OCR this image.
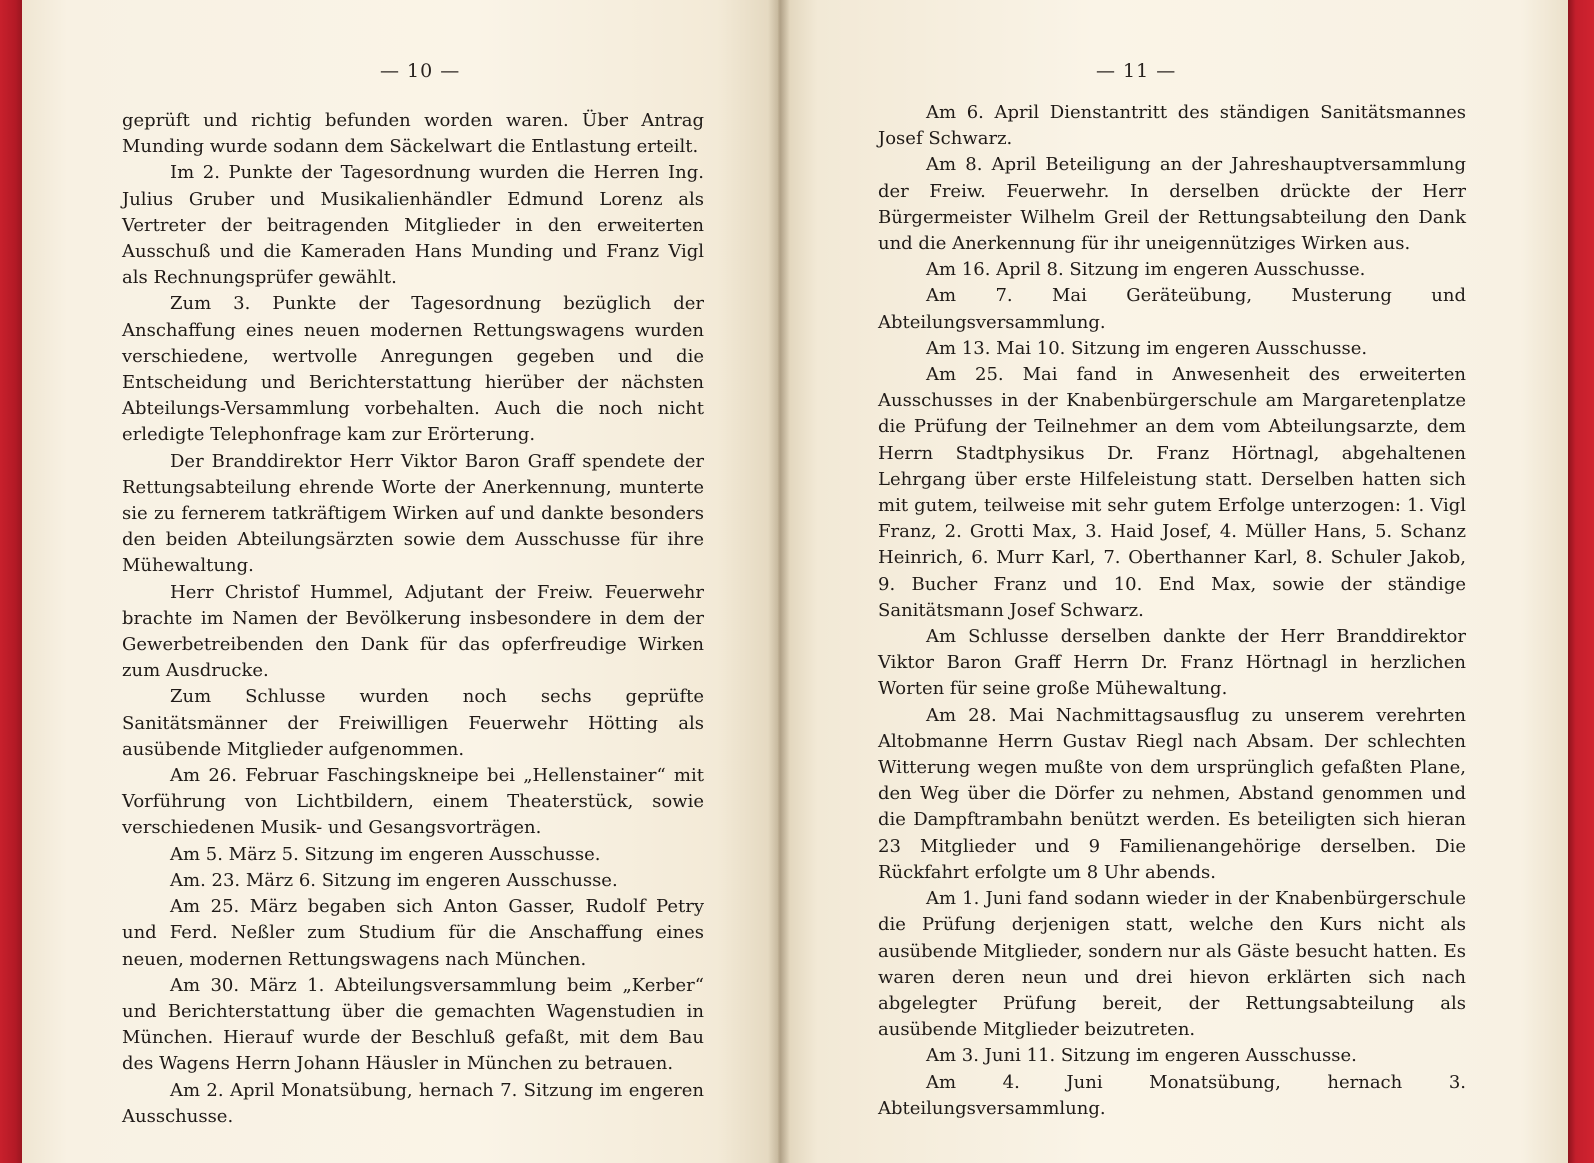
— 10 —

geprüft und richtig befunden worden waren. Über Antrag Munding wurde sodann dem Säckelwart die Entlastung erteilt.

Im 2. Punkte der Tagesordnung wurden die Herren Ing. Julius Gruber und Musikalienhändler Edmund Lorenz als Vertreter der beitragenden Mitglieder in den erweiterten Ausschuß und die Kameraden Hans Munding und Franz Vigl als Rechnungsprüfer gewählt.

Zum 3. Punkte der Tagesordnung bezüglich der Anschaffung eines neuen modernen Rettungswagens wurden verschiedene, wertvolle Anregungen gegeben und die Entscheidung und Berichterstattung hierüber der nächsten Abteilungs-Versammlung vorbehalten. Auch die noch nicht erledigte Telephonfrage kam zur Erörterung.

Der Branddirektor Herr Viktor Baron Graff spendete der Rettungsabteilung ehrende Worte der Anerkennung, munterte sie zu fernerem tatkräftigem Wirken auf und dankte besonders den beiden Abteilungsärzten sowie dem Ausschusse für ihre Mühewaltung.

Herr Christof Hummel, Adjutant der Freiw. Feuerwehr brachte im Namen der Bevölkerung insbesondere in dem der Gewerbetreibenden den Dank für das opferfreudige Wirken zum Ausdrucke.

Zum Schlusse wurden noch sechs geprüfte Sanitätsmänner der Freiwilligen Feuerwehr Hötting als ausübende Mitglieder aufgenommen.

Am 26. Februar Faschingskneipe bei „Hellenstainer“ mit Vorführung von Lichtbildern, einem Theaterstück, sowie verschiedenen Musik- und Gesangsvorträgen.

Am 5. März 5. Sitzung im engeren Ausschusse.

Am. 23. März 6. Sitzung im engeren Ausschusse.

Am 25. März begaben sich Anton Gasser, Rudolf Petry und Ferd. Neßler zum Studium für die Anschaffung eines neuen, modernen Rettungswagens nach München.

Am 30. März 1. Abteilungsversammlung beim „Kerber“ und Berichterstattung über die gemachten Wagenstudien in München. Hierauf wurde der Beschluß gefaßt, mit dem Bau des Wagens Herrn Johann Häusler in München zu betrauen.

Am 2. April Monatsübung, hernach 7. Sitzung im engeren Ausschusse.

— 11 —

Am 6. April Dienstantritt des ständigen Sanitätsmannes Josef Schwarz.

Am 8. April Beteiligung an der Jahreshauptversammlung der Freiw. Feuerwehr. In derselben drückte der Herr Bürgermeister Wilhelm Greil der Rettungsabteilung den Dank und die Anerkennung für ihr uneigennütziges Wirken aus.

Am 16. April 8. Sitzung im engeren Ausschusse.

Am 7. Mai Geräteübung, Musterung und Abteilungsversammlung.

Am 13. Mai 10. Sitzung im engeren Ausschusse.

Am 25. Mai fand in Anwesenheit des erweiterten Ausschusses in der Knabenbürgerschule am Margaretenplatze die Prüfung der Teilnehmer an dem vom Abteilungsarzte, dem Herrn Stadtphysikus Dr. Franz Hörtnagl, abgehaltenen Lehrgang über erste Hilfeleistung statt. Derselben hatten sich mit gutem, teilweise mit sehr gutem Erfolge unterzogen: 1. Vigl Franz, 2. Grotti Max, 3. Haid Josef, 4. Müller Hans, 5. Schanz Heinrich, 6. Murr Karl, 7. Oberthanner Karl, 8. Schuler Jakob, 9. Bucher Franz und 10. End Max, sowie der ständige Sanitätsmann Josef Schwarz.

Am Schlusse derselben dankte der Herr Branddirektor Viktor Baron Graff Herrn Dr. Franz Hörtnagl in herzlichen Worten für seine große Mühewaltung.

Am 28. Mai Nachmittagsausflug zu unserem verehrten Altobmanne Herrn Gustav Riegl nach Absam. Der schlechten Witterung wegen mußte von dem ursprünglich gefaßten Plane, den Weg über die Dörfer zu nehmen, Abstand genommen und die Dampftrambahn benützt werden. Es beteiligten sich hieran 23 Mitglieder und 9 Familienangehörige derselben. Die Rückfahrt erfolgte um 8 Uhr abends.

Am 1. Juni fand sodann wieder in der Knabenbürgerschule die Prüfung derjenigen statt, welche den Kurs nicht als ausübende Mitglieder, sondern nur als Gäste besucht hatten. Es waren deren neun und drei hievon erklärten sich nach abgelegter Prüfung bereit, der Rettungsabteilung als ausübende Mitglieder beizutreten.

Am 3. Juni 11. Sitzung im engeren Ausschusse.

Am 4. Juni Monatsübung, hernach 3. Abteilungsversammlung.
